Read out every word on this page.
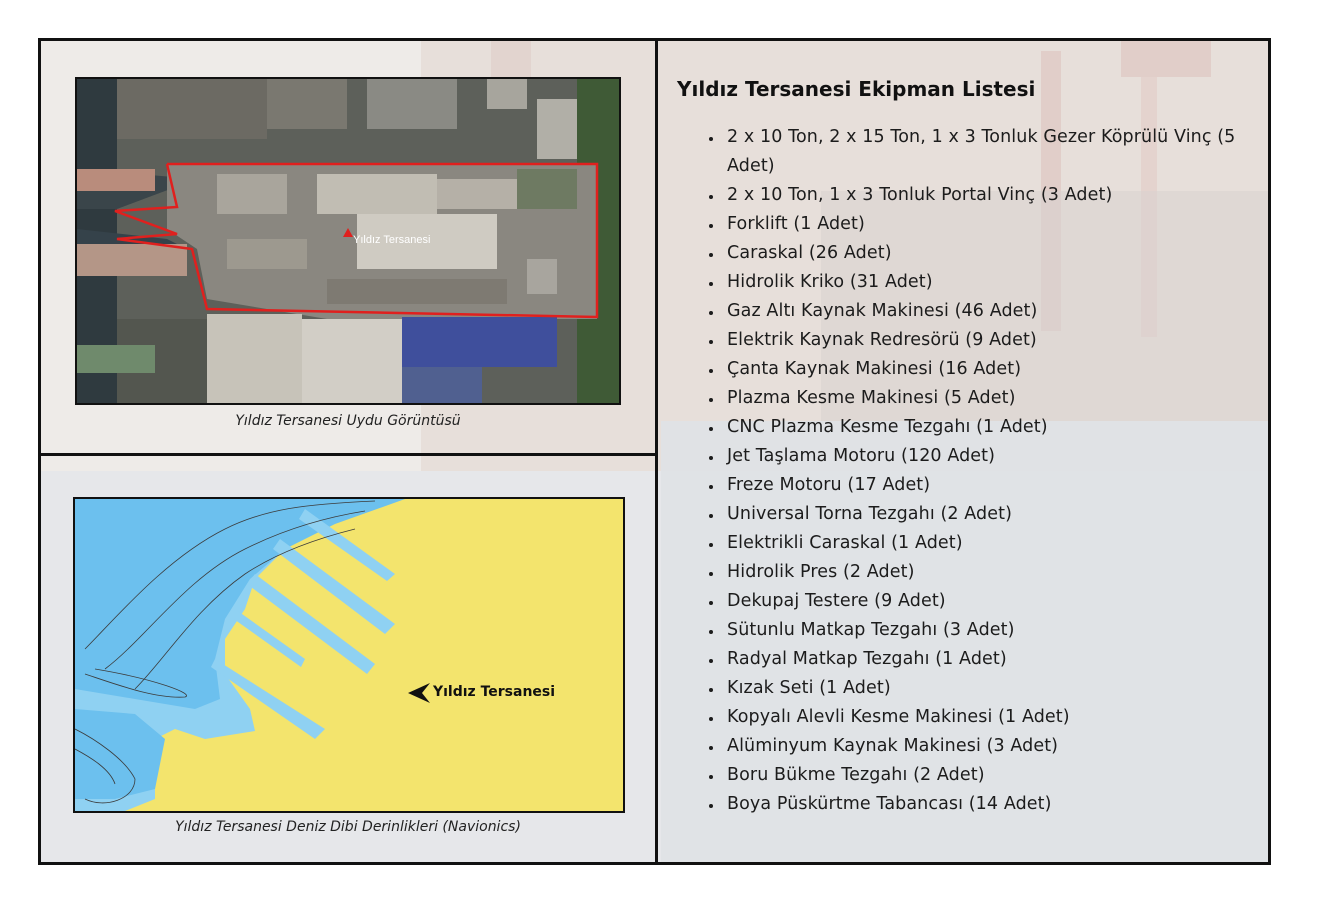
Yıldız Tersanesi
Yıldız Tersanesi Uydu Görüntüsü
Yıldız Tersanesi
Yıldız Tersanesi Deniz Dibi Derinlikleri (Navionics)
Yıldız Tersanesi Ekipman Listesi
• 2 x 10 Ton, 2 x 15 Ton, 1 x 3 Tonluk Gezer Köprülü Vinç (5 Adet)
• 2 x 10 Ton, 1 x 3 Tonluk Portal Vinç (3 Adet)
• Forklift (1 Adet)
• Caraskal (26 Adet)
• Hidrolik Kriko (31 Adet)
• Gaz Altı Kaynak Makinesi (46 Adet)
• Elektrik Kaynak Redresörü (9 Adet)
• Çanta Kaynak Makinesi (16 Adet)
• Plazma Kesme Makinesi (5 Adet)
• CNC Plazma Kesme Tezgahı (1 Adet)
• Jet Taşlama Motoru (120 Adet)
• Freze Motoru (17 Adet)
• Universal Torna Tezgahı (2 Adet)
• Elektrikli Caraskal (1 Adet)
• Hidrolik Pres (2 Adet)
• Dekupaj Testere (9 Adet)
• Sütunlu Matkap Tezgahı (3 Adet)
• Radyal Matkap Tezgahı (1 Adet)
• Kızak Seti (1 Adet)
• Kopyalı Alevli Kesme Makinesi (1 Adet)
• Alüminyum Kaynak Makinesi (3 Adet)
• Boru Bükme Tezgahı (2 Adet)
• Boya Püskürtme Tabancası (14 Adet)
